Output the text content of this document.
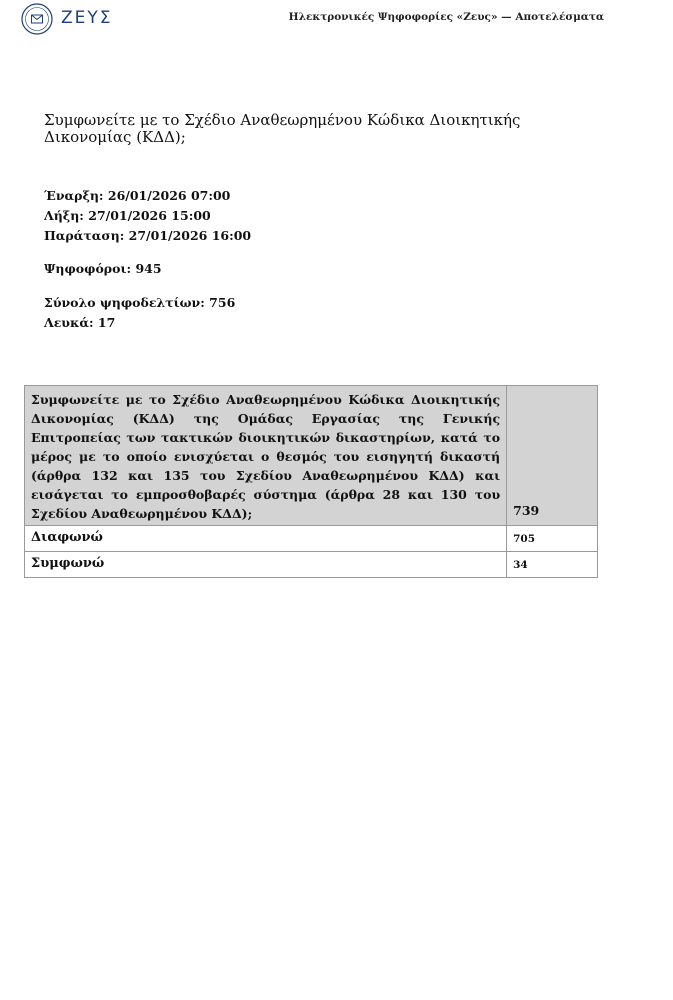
ΖΕΥΣ	Ηλεκτρονικές Ψηφοφορίες «Ζευς» — Αποτελέσματα
Συμφωνείτε με το Σχέδιο Αναθεωρημένου Κώδικα Διοικητικής Δικονομίας (ΚΔΔ);
Έναρξη: 26/01/2026 07:00
Λήξη: 27/01/2026 15:00
Παράταση: 27/01/2026 16:00
Ψηφοφόροι: 945
Σύνολο ψηφοδελτίων: 756
Λευκά: 17
Συμφωνείτε με το Σχέδιο Αναθεωρημένου Κώδικα Διοικητικής Δικονομίας (ΚΔΔ) της Ομάδας Εργασίας της Γενικής Επιτροπείας των τακτικών διοικητικών δικαστηρίων, κατά το μέρος με το οποίο ενισχύεται ο θεσμός του εισηγητή δικαστή (άρθρα 132 και 135 του Σχεδίου Αναθεωρημένου ΚΔΔ) και εισάγεται το εμπροσθοβαρές σύστημα (άρθρα 28 και 130 του Σχεδίου Αναθεωρημένου ΚΔΔ);	739
Διαφωνώ	705
Συμφωνώ	34
